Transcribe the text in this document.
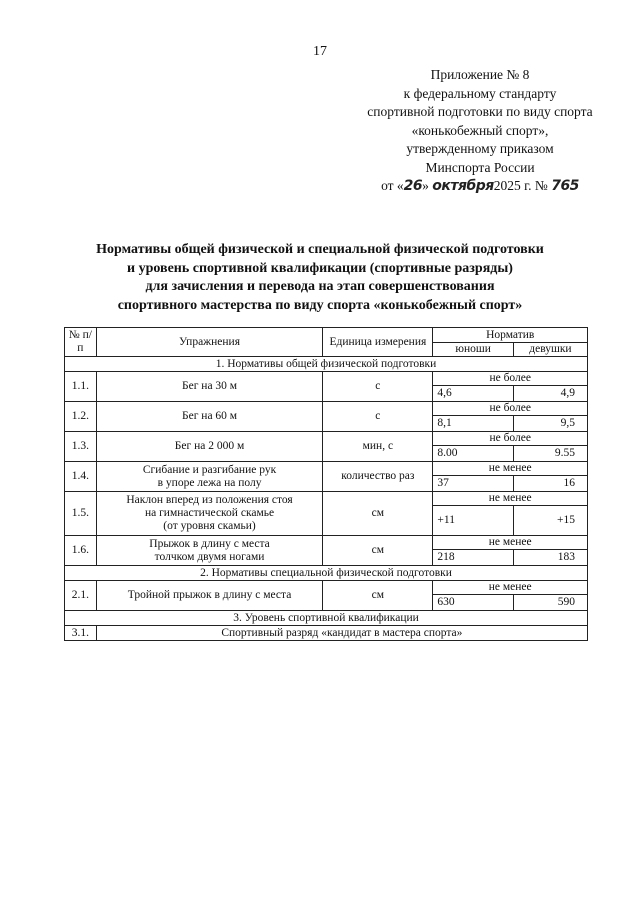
17
Приложение № 8
к федеральному стандарту
спортивной подготовки по виду спорта
«конькобежный спорт»,
утвержденному приказом
Минспорта России
от «26» октября2025 г. № 765
Нормативы общей физической и специальной физической подготовки
и уровень спортивной квалификации (спортивные разряды)
для зачисления и перевода на этап совершенствования
спортивного мастерства по виду спорта «конькобежный спорт»
№ п/п	Упражнения	Единица измерения	Норматив	
			юноши	девушки
1. Нормативы общей физической подготовки				
1.1.	Бег на 30 м	с	не более	
			4,6	4,9
1.2.	Бег на 60 м	с	не более	
			8,1	9,5
1.3.	Бег на 2 000 м	мин, с	не более	
			8.00	9.55
1.4.	Сгибание и разгибание рук
в упоре лежа на полу	количество раз	не менее	
			37	16
1.5.	Наклон вперед из положения стоя
на гимнастической скамье
(от уровня скамьи)	см	не менее	
			+11	+15
1.6.	Прыжок в длину с места
толчком двумя ногами	см	не менее	
			218	183
2. Нормативы специальной физической подготовки				
2.1.	Тройной прыжок в длину с места	см	не менее	
			630	590
3. Уровень спортивной квалификации				
3.1.	Спортивный разряд «кандидат в мастера спорта»			
